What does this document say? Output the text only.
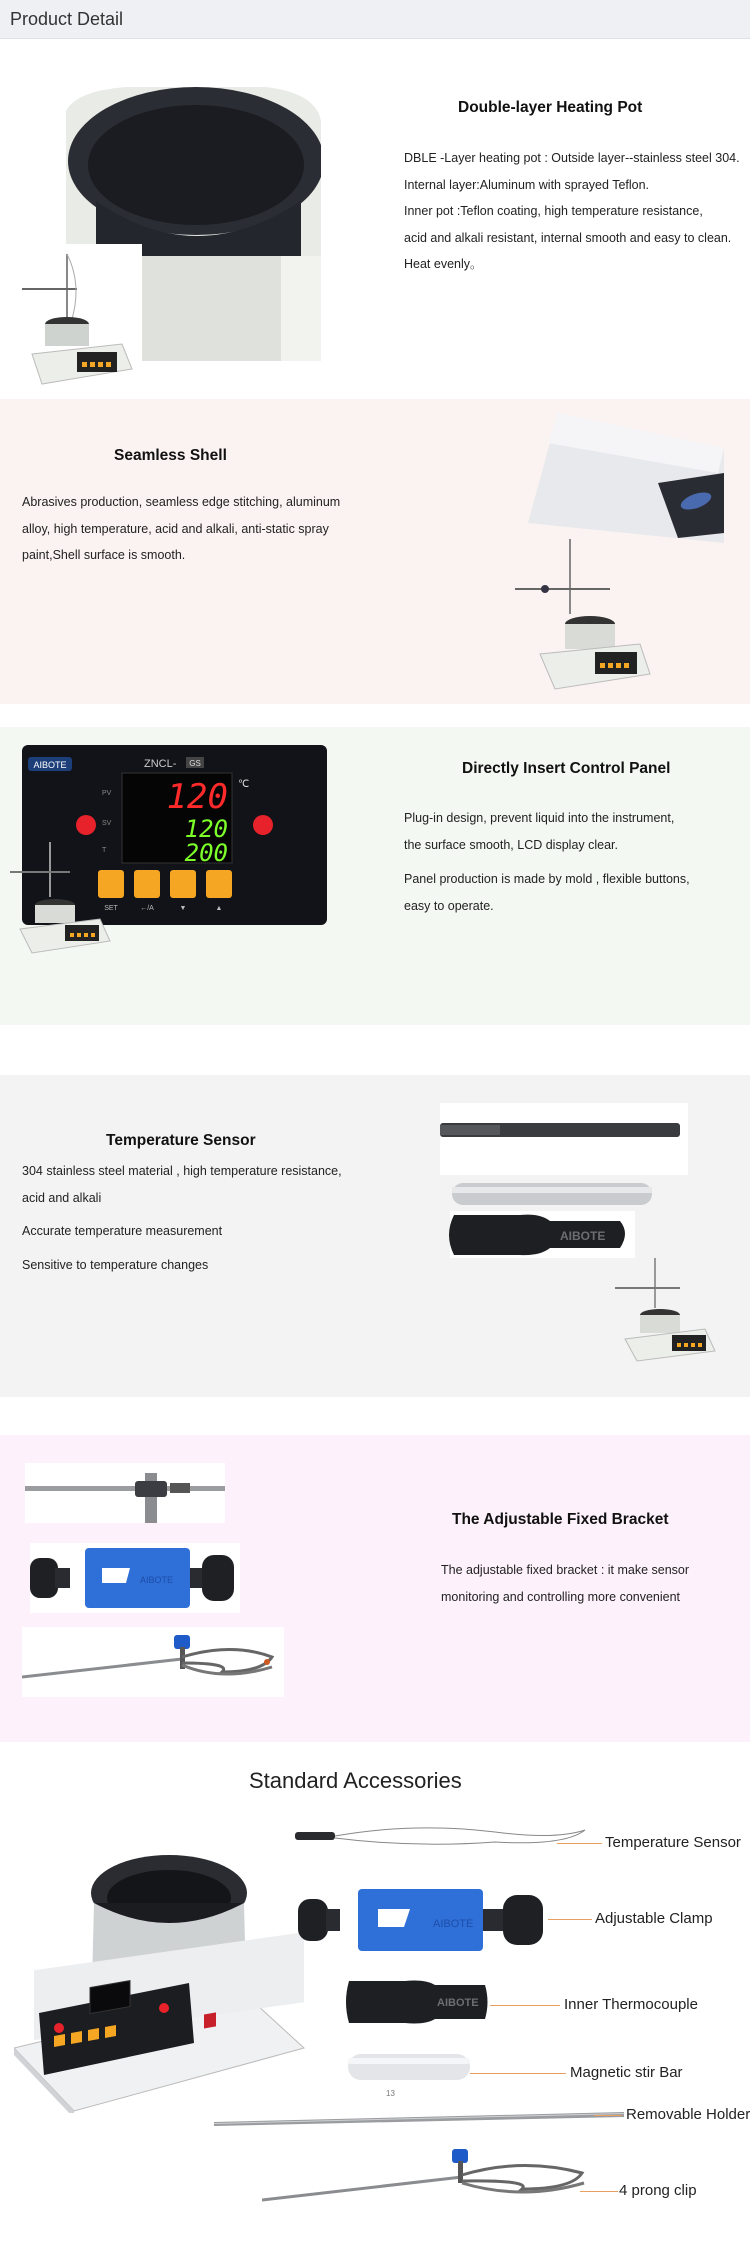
Product Detail
Double-layer Heating Pot
DBLE -Layer heating pot : Outside layer--stainless steel 304.
Internal layer:Aluminum with sprayed Teflon.
Inner pot :Teflon coating, high temperature resistance,
acid and alkali resistant, internal smooth and easy to clean.
Heat evenly。
Seamless Shell
Abrasives production, seamless edge stitching, aluminum
alloy, high temperature, acid and alkali, anti-static spray
paint,Shell surface is smooth.
AIBOTE	ZNCL- GS
PV
SV
T
120 ℃
120
200
SET	←/A	▼	▲
Directly Insert Control Panel
Plug-in design, prevent liquid into the instrument,
the surface smooth, LCD display clear.
Panel production is made by mold , flexible buttons,
easy to operate.
Temperature Sensor
304 stainless steel material , high temperature resistance,
acid and alkali
Accurate temperature measurement
Sensitive to temperature changes
AIBOTE
AIBOTE
The Adjustable Fixed Bracket
The adjustable fixed bracket : it make sensor
monitoring and controlling more convenient
Standard Accessories
AIBOTE
AIBOTE
13
Temperature Sensor
Adjustable Clamp
Inner Thermocouple
Magnetic stir Bar
Removable Holder
4 prong clip
